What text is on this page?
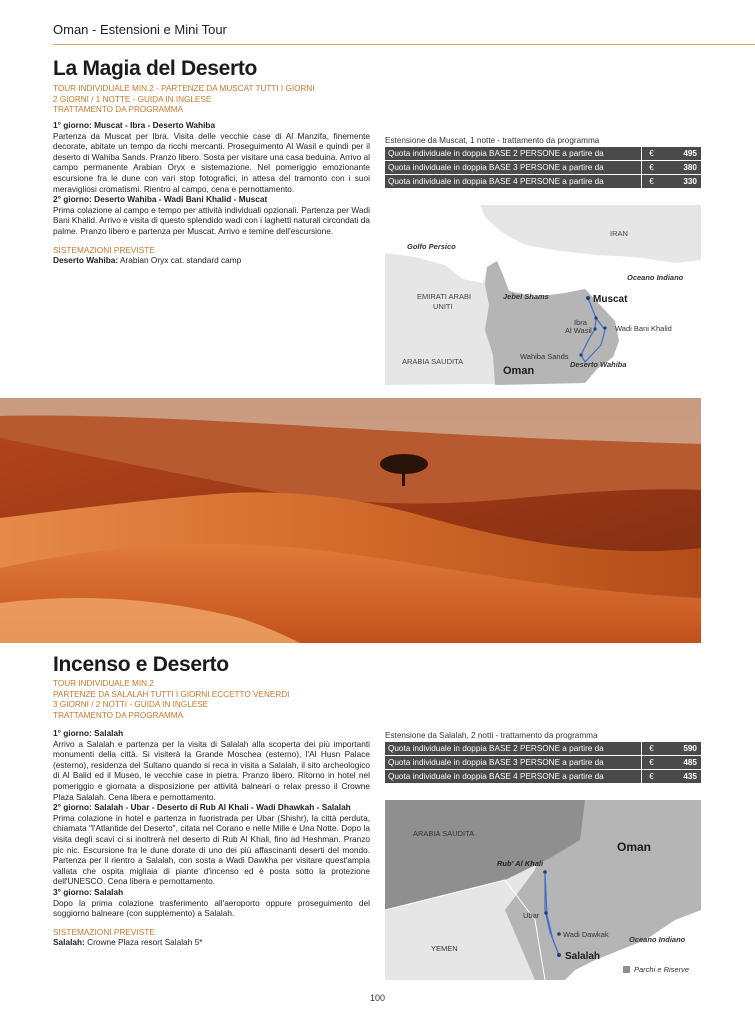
Oman - Estensioni e Mini Tour
La Magia del Deserto
TOUR INDIVIDUALE MIN.2 - PARTENZE DA MUSCAT TUTTI I GIORNI
2 GIORNI / 1 NOTTE - GUIDA IN INGLESE
TRATTAMENTO DA PROGRAMMA
1° giorno: Muscat - Ibra - Deserto Wahiba

Partenza da Muscat per Ibra. Visita delle vecchie case di Al Manzifa, finemente decorate, abitate un tempo da ricchi mercanti. Proseguimento Al Wasil e quindi per il deserto di Wahiba Sands. Pranzo libero. Sosta per visitare una casa beduina. Arrivo al campo permanente Arabian Oryx e sistemazione. Nel pomeriggio emozionante escursione fra le dune con vari stop fotografici, in attesa del tramonto con i suoi meravigliosi cromatismi. Rientro al campo, cena e pernottamento.

2° giorno: Deserto Wahiba - Wadi Bani Khalid - Muscat

Prima colazione al campo e tempo per attività individuali opzionali. Partenza per Wadi Bani Khalid. Arrivo e visita di questo splendido wadi con i laghetti naturali circondati da palme. Pranzo libero e partenza per Muscat. Arrivo e temine dell'escursione.

SISTEMAZIONI PREVISTE
Deserto Wahiba: Arabian Oryx cat. standard camp
Estensione da Muscat, 1 notte - trattamento da programma
Quota individuale in doppia BASE 2 PERSONE a partire da	€	495
Quota individuale in doppia BASE 3 PERSONE a partire da	€	380
Quota individuale in doppia BASE 4 PERSONE a partire da	€	330
IRAN
Golfo Persico
Oceano Indiano
EMIRATI ARABI
UNITI
Jebel Shams	Muscat
Ibra
Al Wasil	Wadi Bani Khalid
Wahiba Sands
Deserto Wahiba
ARABIA SAUDITA
Oman
Incenso e Deserto
TOUR INDIVIDUALE MIN.2
PARTENZE DA SALALAH TUTTI I GIORNI ECCETTO VENERDI
3 GIORNI / 2 NOTTI - GUIDA IN INGLESE
TRATTAMENTO DA PROGRAMMA
1° giorno: Salalah

Arrivo a Salalah e partenza per la visita di Salalah alla scoperta dei più importanti monumenti della città. Si visiterà la Grande Moschea (esterno), l'Al Husn Palace (esterno), residenza del Sultano quando si reca in visita a Salalah, il sito archeologico di Al Balid ed il Museo, le vecchie case in pietra. Pranzo libero. Ritorno in hotel nel pomeriggio e giornata a disposizione per attività balneari o relax presso il Crowne Plaza Salalah. Cena libera e pernottamento.

2° giorno: Salalah - Ubar - Deserto di Rub Al Khali - Wadi Dhawkah - Salalah

Prima colazione in hotel e partenza in fuoristrada per Ubar (Shishr), la città perduta, chiamata "l'Atlantide del Deserto", citata nel Corano e nelle Mille e Una Notte. Dopo la visita degli scavi ci si inoltrerà nel deserto di Rub Al Khali, fino ad Heshman. Pranzo pic nic. Escursione fra le dune dorate di uno dei più affascinanti deserti del mondo. Partenza per il rientro a Salalah, con sosta a Wadi Dawkha per visitare quest'ampia vallata che ospita migliaia di piante d'incenso ed è posta sotto la protezione dell'UNESCO. Cena libera e pernottamento.

3° giorno: Salalah

Dopo la prima colazione trasferimento all'aeroporto oppure proseguimento del soggiorno balneare (con supplemento) a Salalah.

SISTEMAZIONI PREVISTE
Salalah: Crowne Plaza resort Salalah 5*
Estensione da Salalah, 2 notti - trattamento da programma
Quota individuale in doppia BASE 2 PERSONE a partire da	€	590
Quota individuale in doppia BASE 3 PERSONE a partire da	€	485
Quota individuale in doppia BASE 4 PERSONE a partire da	€	435
ARABIA SAUDITA
Oman
Rub' Al Khali
Ubar
Wadi Dawkak
Oceano Indiano
YEMEN
Salalah
Parchi e Riserve
100
